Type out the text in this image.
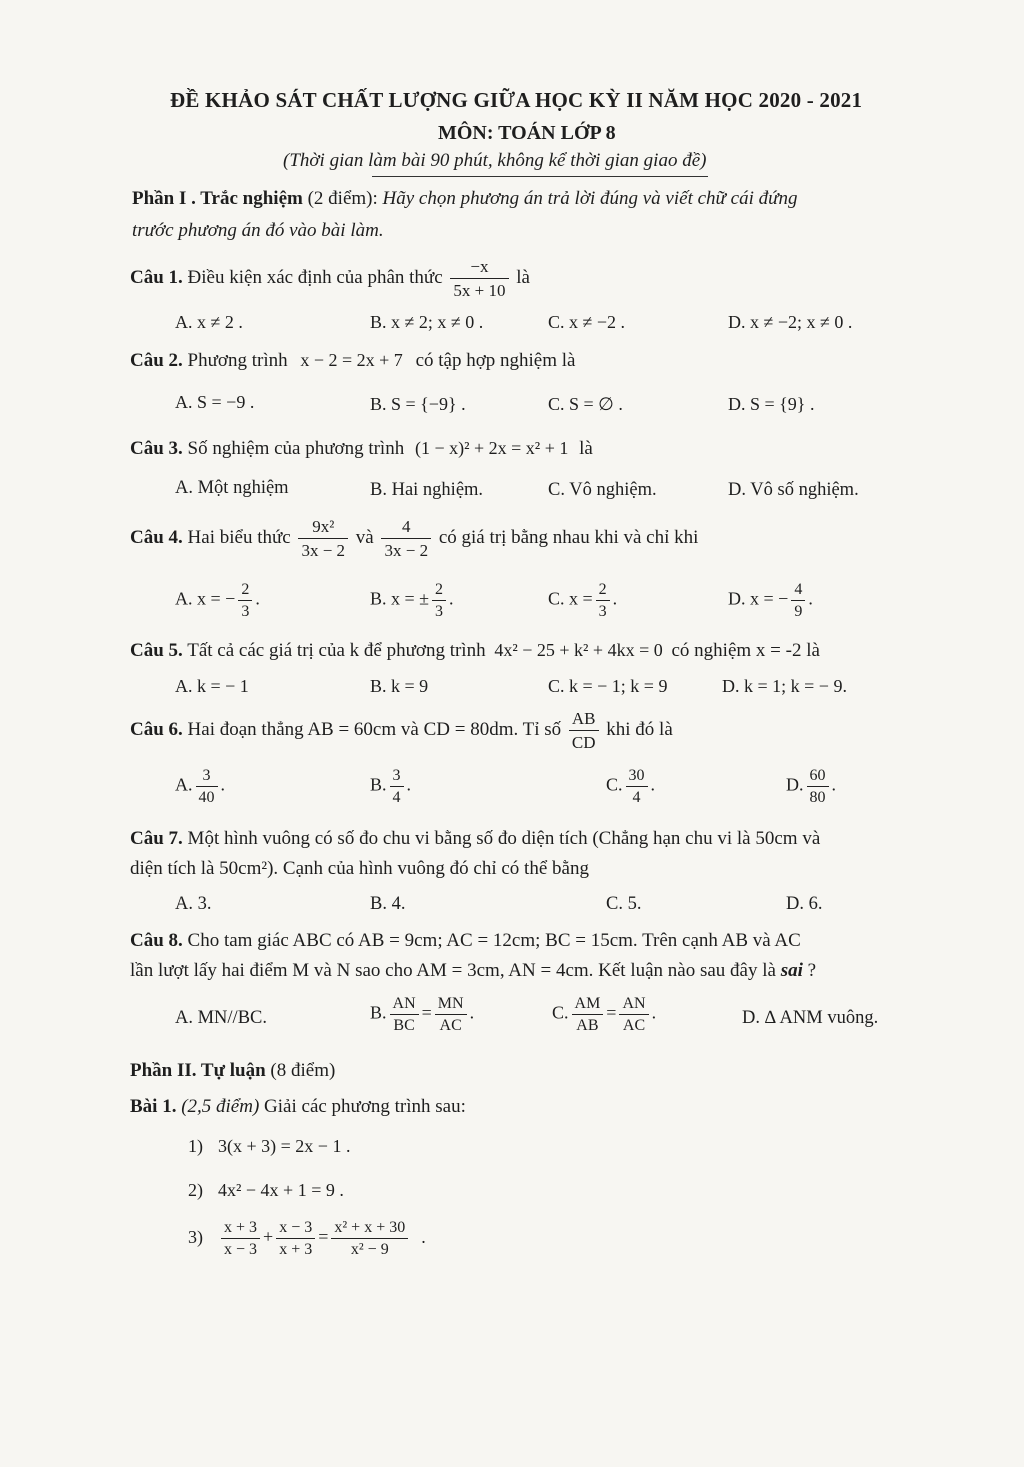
ĐỀ KHẢO SÁT CHẤT LƯỢNG GIỮA HỌC KỲ II NĂM HỌC 2020 - 2021
MÔN: TOÁN LỚP 8
(Thời gian làm bài 90 phút, không kể thời gian giao đề)
Phần I . Trắc nghiệm (2 điểm): Hãy chọn phương án trả lời đúng và viết chữ cái đứng
trước phương án đó vào bài làm.
Câu 1. Điều kiện xác định của phân thức $\frac{-x}{5x + 10}$ là
A. x ≠ 2 .	B. x ≠ 2; x ≠ 0 .	C. x ≠ −2 .	D. x ≠ −2; x ≠ 0 .
Câu 2. Phương trình x − 2 = 2x + 7 có tập hợp nghiệm là
A. S = −9 .	B. S = {−9} .	C. S = ∅ .	D. S = {9} .
Câu 3. Số nghiệm của phương trình (1 − x)² + 2x = x² + 1 là
A. Một nghiệm	B. Hai nghiệm.	C. Vô nghiệm.	D. Vô số nghiệm.
Câu 4. Hai biểu thức $\frac{\text{9x²}}{3x - 2}$ và $\frac{4}{3x - 2}$ có giá trị bằng nhau khi và chỉ khi
A. x = − $\frac{2}{3}$ .	B. x = ± $\frac{2}{3}$ .	C. $x = \frac{2}{3}$ .	D. x = − $\frac{4}{9}$ .
Câu 5. Tất cả các giá trị của k để phương trình 4x² − 25 + k² + 4kx = 0 có nghiệm x = -2 là
A. k = − 1	B. k = 9	C. k = − 1; k = 9	D. k = 1; k = − 9.
Câu 6. Hai đoạn thẳng AB = 60cm và CD = 80dm. Tỉ số $\frac{AB}{CD}$ khi đó là
A. $\frac{3}{40}$ .	B. $\frac{3}{4}$ .	C. $\frac{30}{4}$ .	D. $\frac{60}{80}$ .
Câu 7. Một hình vuông có số đo chu vi bằng số đo diện tích (Chẳng hạn chu vi là 50cm và
diện tích là 50cm²). Cạnh của hình vuông đó chỉ có thể bằng
A. 3.	B. 4.	C. 5.	D. 6.
Câu 8. Cho tam giác ABC có AB = 9cm; AC = 12cm; BC = 15cm. Trên cạnh AB và AC
lần lượt lấy hai điểm M và N sao cho AM = 3cm, AN = 4cm. Kết luận nào sau đây là sai ?
A. MN//BC.	B. $\frac{AN}{BC} = \frac{MN}{AC}$ .	C. $\frac{AM}{AB} = \frac{AN}{AC}$ .	D. ∆ ANM vuông.
Phần II. Tự luận (8 điểm)
Bài 1. (2,5 điểm) Giải các phương trình sau:
1) 3(x + 3) = 2x − 1 .
2) 4x² − 4x + 1 = 9 .
$3) \frac{x + 3}{x - 3} + \frac{x - 3}{x + 3} = \frac{\text{x² + x + 30}}{\text{x² − 9}}$ .
